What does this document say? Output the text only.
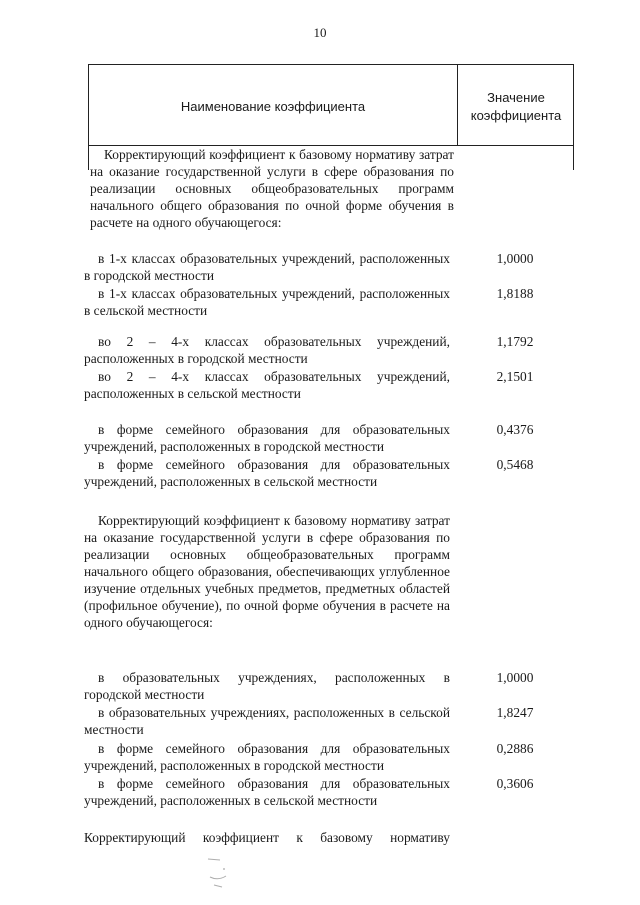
10
Наименование коэффициента
Значение
коэффициента
Корректирующий коэффициент к базовому нормативу затрат на оказание государственной услуги в сфере образования по реализации основных общеобразовательных программ начального общего образования по очной форме обучения в расчете на одного обучающегося:
в 1-х классах образовательных учреждений, расположенных в городской местности
1,0000
в 1-х классах образовательных учреждений, расположенных в сельской местности
1,8188
во 2 – 4-х классах образовательных учреждений, расположенных в городской местности
1,1792
во 2 – 4-х классах образовательных учреждений, расположенных в сельской местности
2,1501
в форме семейного образования для образовательных учреждений, расположенных в городской местности
0,4376
в форме семейного образования для образовательных учреждений, расположенных в сельской местности
0,5468
Корректирующий коэффициент к базовому нормативу затрат на оказание государственной услуги в сфере образования по реализации основных общеобразовательных программ начального общего образования, обеспечивающих углубленное изучение отдельных учебных предметов, предметных областей (профильное обучение), по очной форме обучения в расчете на одного обучающегося:
в образовательных учреждениях, расположенных в городской местности
1,0000
в образовательных учреждениях, расположенных в сельской местности
1,8247
в форме семейного образования для образовательных учреждений, расположенных в городской местности
0,2886
в форме семейного образования для образовательных учреждений, расположенных в сельской местности
0,3606
Корректирующий коэффициент к базовому нормативу
